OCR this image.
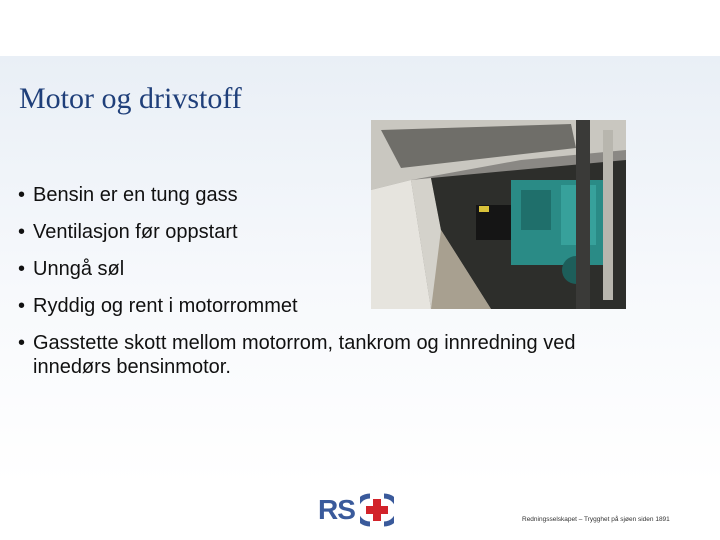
Motor og drivstoff
• Bensin er en tung gass
• Ventilasjon før oppstart
• Unngå søl
• Ryddig og rent i motorrommet
• Gasstette skott mellom motorrom, tankrom og innredning ved innedørs bensinmotor.
RS	Redningsselskapet – Trygghet på sjøen siden 1891
